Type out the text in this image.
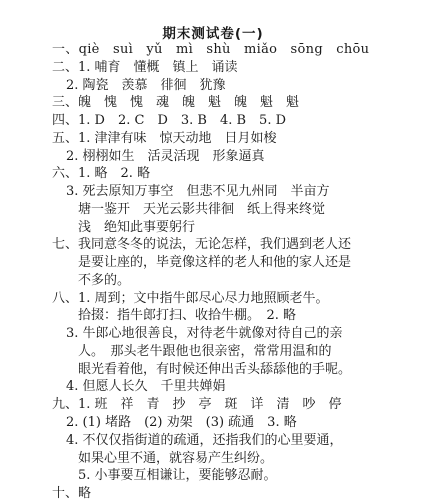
期末测试卷(一)
一、qiè　suì　yǔ　mì　shù　miǎo　sōng　chōu
二、1. 哺育　懂概　镇上　诵读
2. 陶瓷　羡慕　徘徊　犹豫
三、魄　愧　愧　魂　魄　魁　魄　魁　魁
四、1. D　2. C　D　3. B　4. B　5. D
五、1. 津津有味　惊天动地　日月如梭
2. 栩栩如生　活灵活现　形象逼真
六、1. 略　2. 略
3. 死去原知万事空　但悲不见九州同　半亩方
塘一鉴开　天光云影共徘徊　纸上得来终觉
浅　绝知此事要躬行
七、我同意冬冬的说法，无论怎样，我们遇到老人还
是要让座的，毕竟像这样的老人和他的家人还是
不多的。
八、1. 周到；文中指牛郎尽心尽力地照顾老牛。
拾掇：指牛郎打扫、收拾牛棚。　2. 略
3. 牛郎心地很善良，对待老牛就像对待自己的亲
人。　那头老牛跟他也很亲密，常常用温和的
眼光看着他，有时候还伸出舌头舔舔他的手呢。
4. 但愿人长久　千里共婵娟
九、1. 班　祥　青　抄　亭　斑　详　清　吵　停
2. (1) 堵路　(2) 劝架　(3) 疏通　3. 略
4. 不仅仅指街道的疏通，还指我们的心里要通，
如果心里不通，就容易产生纠纷。
5. 小事要互相谦让，要能够忍耐。
十、略
